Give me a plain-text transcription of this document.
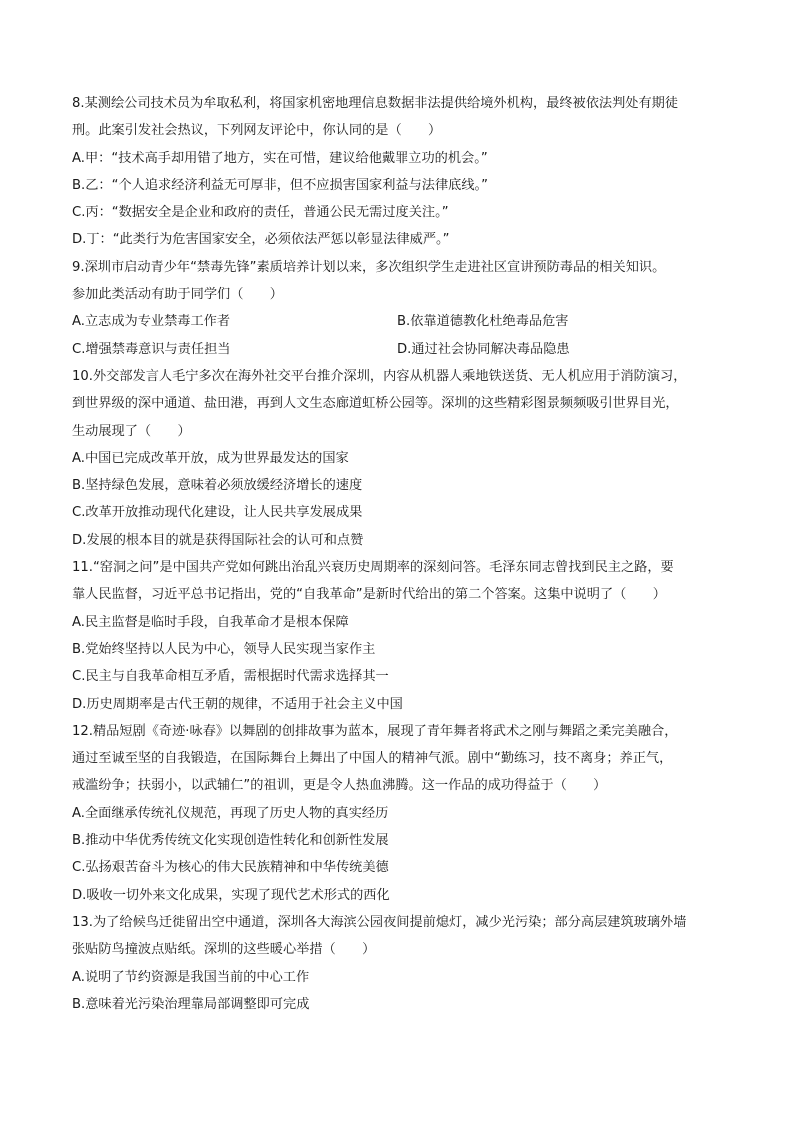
8.某测绘公司技术员为牟取私利，将国家机密地理信息数据非法提供给境外机构，最终被依法判处有期徒
刑。此案引发社会热议，下列网友评论中，你认同的是（　　）
A.甲：“技术高手却用错了地方，实在可惜，建议给他戴罪立功的机会。”
B.乙：“个人追求经济利益无可厚非，但不应损害国家利益与法律底线。”
C.丙：“数据安全是企业和政府的责任，普通公民无需过度关注。”
D.丁：“此类行为危害国家安全，必须依法严惩以彰显法律威严。”
9.深圳市启动青少年“禁毒先锋”素质培养计划以来，多次组织学生走进社区宣讲预防毒品的相关知识。
参加此类活动有助于同学们（　　）
A.立志成为专业禁毒工作者	B.依靠道德教化杜绝毒品危害
C.增强禁毒意识与责任担当	D.通过社会协同解决毒品隐患
10.外交部发言人毛宁多次在海外社交平台推介深圳，内容从机器人乘地铁送货、无人机应用于消防演习，
到世界级的深中通道、盐田港，再到人文生态廊道虹桥公园等。深圳的这些精彩图景频频吸引世界目光，
生动展现了（　　）
A.中国已完成改革开放，成为世界最发达的国家
B.坚持绿色发展，意味着必须放缓经济增长的速度
C.改革开放推动现代化建设，让人民共享发展成果
D.发展的根本目的就是获得国际社会的认可和点赞
11.“窑洞之问”是中国共产党如何跳出治乱兴衰历史周期率的深刻问答。毛泽东同志曾找到民主之路，要
靠人民监督，习近平总书记指出，党的“自我革命”是新时代给出的第二个答案。这集中说明了（　　）
A.民主监督是临时手段，自我革命才是根本保障
B.党始终坚持以人民为中心，领导人民实现当家作主
C.民主与自我革命相互矛盾，需根据时代需求选择其一
D.历史周期率是古代王朝的规律，不适用于社会主义中国
12.精品短剧《奇迹·咏春》以舞剧的创排故事为蓝本，展现了青年舞者将武术之刚与舞蹈之柔完美融合，
通过至诚至坚的自我锻造，在国际舞台上舞出了中国人的精神气派。剧中“勤练习，技不离身；养正气，
戒滥纷争；扶弱小，以武辅仁”的祖训，更是令人热血沸腾。这一作品的成功得益于（　　）
A.全面继承传统礼仪规范，再现了历史人物的真实经历
B.推动中华优秀传统文化实现创造性转化和创新性发展
C.弘扬艰苦奋斗为核心的伟大民族精神和中华传统美德
D.吸收一切外来文化成果，实现了现代艺术形式的西化
13.为了给候鸟迁徙留出空中通道，深圳各大海滨公园夜间提前熄灯，减少光污染；部分高层建筑玻璃外墙
张贴防鸟撞波点贴纸。深圳的这些暖心举措（　　）
A.说明了节约资源是我国当前的中心工作
B.意味着光污染治理靠局部调整即可完成
